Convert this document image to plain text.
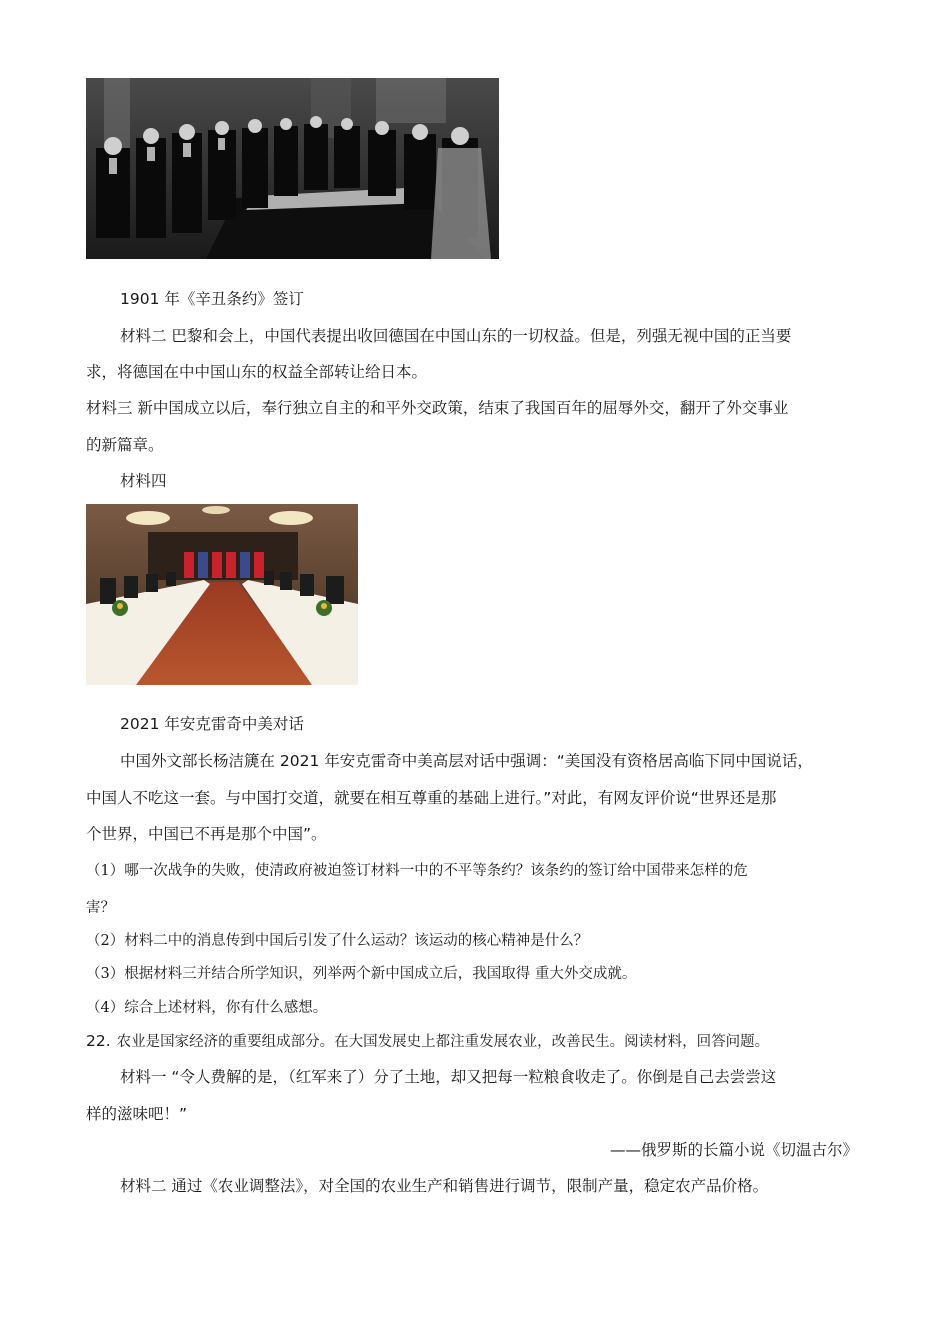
1901 年《辛丑条约》签订
材料二 巴黎和会上，中国代表提出收回德国在中国山东的一切权益。但是，列强无视中国的正当要
求，将德国在中中国山东的权益全部转让给日本。
材料三 新中国成立以后，奉行独立自主的和平外交政策，结束了我国百年的屈辱外交，翻开了外交事业
的新篇章。
材料四
2021 年安克雷奇中美对话
中国外文部长杨洁篪在 2021 年安克雷奇中美高层对话中强调：“美国没有资格居高临下同中国说话，
中国人不吃这一套。与中国打交道，就要在相互尊重的基础上进行。”对此，有网友评价说“世界还是那
个世界，中国已不再是那个中国”。
（1）哪一次战争的失败，使清政府被迫签订材料一中的不平等条约？该条约的签订给中国带来怎样的危
害？
（2）材料二中的消息传到中国后引发了什么运动？该运动的核心精神是什么？
（3）根据材料三并结合所学知识，列举两个新中国成立后，我国取得 重大外交成就。
（4）综合上述材料，你有什么感想。
22. 农业是国家经济的重要组成部分。在大国发展史上都注重发展农业，改善民生。阅读材料，回答问题。
材料一 “令人费解的是，（红军来了）分了土地，却又把每一粒粮食收走了。你倒是自己去尝尝这
样的滋味吧！”
——俄罗斯的长篇小说《切温古尔》
材料二 通过《农业调整法》，对全国的农业生产和销售进行调节，限制产量，稳定农产品价格。
